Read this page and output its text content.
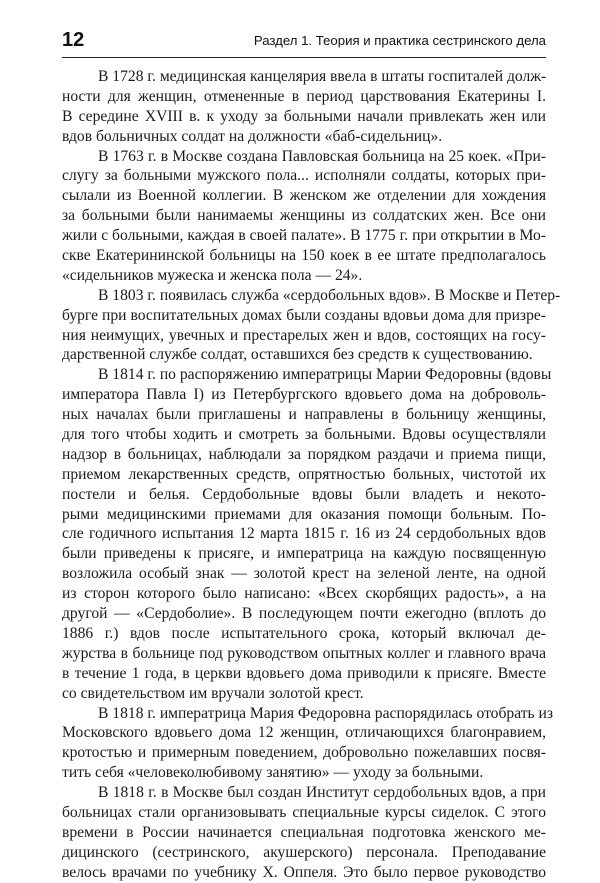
12	Раздел 1. Теория и практика сестринского дела

В 1728 г. медицинская канцелярия ввела в штаты госпиталей долж-
ности для женщин, отмененные в период царствования Екатерины I.
В середине XVIII в. к уходу за больными начали привлекать жен или
вдов больничных солдат на должности «баб-сидельниц».

В 1763 г. в Москве создана Павловская больница на 25 коек. «При-
слугу за больными мужского пола... исполняли солдаты, которых при-
сылали из Военной коллегии. В женском же отделении для хождения
за больными были нанимаемы женщины из солдатских жен. Все они
жили с больными, каждая в своей палате». В 1775 г. при открытии в Мо-
скве Екатерининской больницы на 150 коек в ее штате предполагалось
«сидельников мужеска и женска пола — 24».

В 1803 г. появилась служба «сердобольных вдов». В Москве и Петер-
бурге при воспитательных домах были созданы вдовьи дома для призре-
ния неимущих, увечных и престарелых жен и вдов, состоящих на госу-
дарственной службе солдат, оставшихся без средств к существованию.

В 1814 г. по распоряжению императрицы Марии Федоровны (вдовы
императора Павла I) из Петербургского вдовьего дома на доброволь-
ных началах были приглашены и направлены в больницу женщины,
для того чтобы ходить и смотреть за больными. Вдовы осуществляли
надзор в больницах, наблюдали за порядком раздачи и приема пищи,
приемом лекарственных средств, опрятностью больных, чистотой их
постели и белья. Сердобольные вдовы были владеть и некото-
рыми медицинскими приемами для оказания помощи больным. По-
сле годичного испытания 12 марта 1815 г. 16 из 24 сердобольных вдов
были приведены к присяге, и императрица на каждую посвященную
возложила особый знак — золотой крест на зеленой ленте, на одной
из сторон которого было написано: «Всех скорбящих радость», а на
другой — «Сердоболие». В последующем почти ежегодно (вплоть до
1886 г.) вдов после испытательного срока, который включал де-
журства в больнице под руководством опытных коллег и главного врача
в течение 1 года, в церкви вдовьего дома приводили к присяге. Вместе
со свидетельством им вручали золотой крест.

В 1818 г. императрица Мария Федоровна распорядилась отобрать из
Московского вдовьего дома 12 женщин, отличающихся благонравием,
кротостью и примерным поведением, добровольно пожелавших посвя-
тить себя «человеколюбивому занятию» — уходу за больными.

В 1818 г. в Москве был создан Институт сердобольных вдов, а при
больницах стали организовывать специальные курсы сиделок. С этого
времени в России начинается специальная подготовка женского ме-
дицинского (сестринского, акушерского) персонала. Преподавание
велось врачами по учебнику Х. Оппеля. Это было первое руководство
